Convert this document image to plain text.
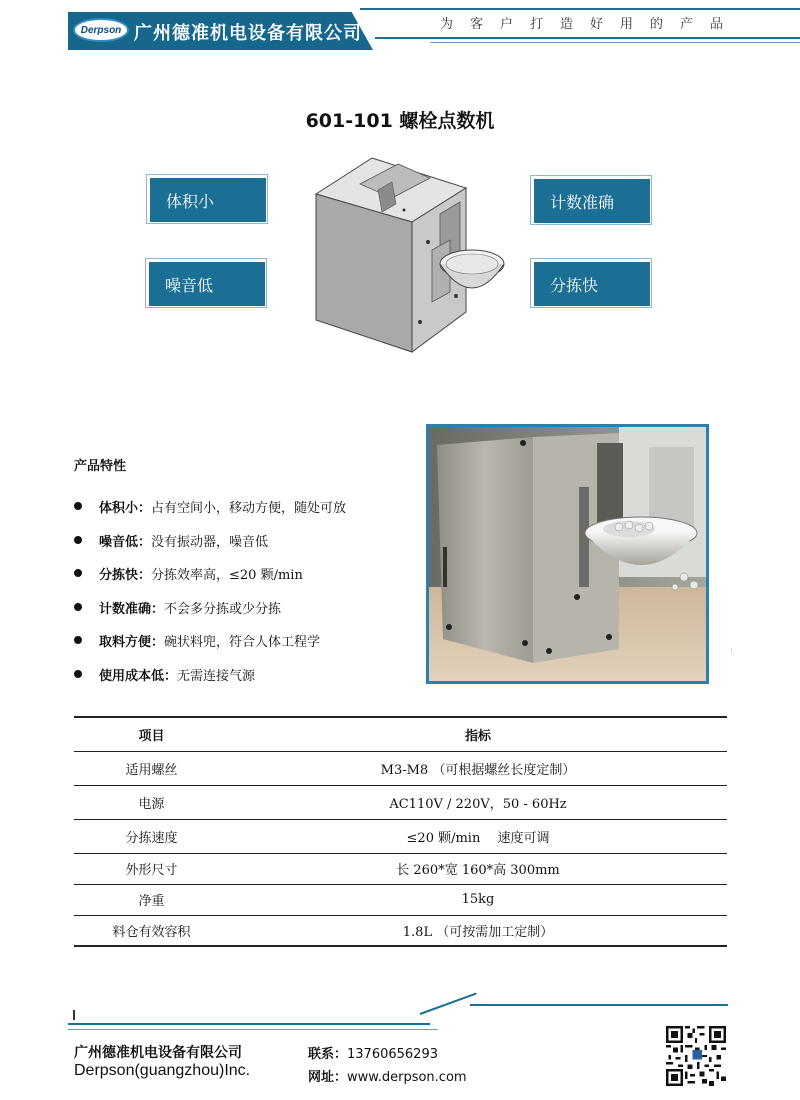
Derpson 广州德准机电设备有限公司	为客户打造好用的产品
601-101 螺栓点数机
体积小
噪音低
计数准确
分拣快
产品特性
体积小： 占有空间小，移动方便，随处可放
噪音低： 没有振动器，噪音低
分拣快： 分拣效率高，≤20 颗/min
计数准确： 不会多分拣或少分拣
取料方便： 碗状料兜，符合人体工程学
使用成本低： 无需连接气源
项目	指标
适用螺丝	M3-M8 （可根据螺丝长度定制）
电源	AC110V / 220V，50 - 60Hz
分拣速度	≤20 颗/min　 速度可调
外形尺寸	长 260*宽 160*高 300mm
净重	15kg
料仓有效容积	1.8L （可按需加工定制）
广州德准机电设备有限公司
Derpson(guangzhou)Inc.
联系：13760656293
网址：www.derpson.com
